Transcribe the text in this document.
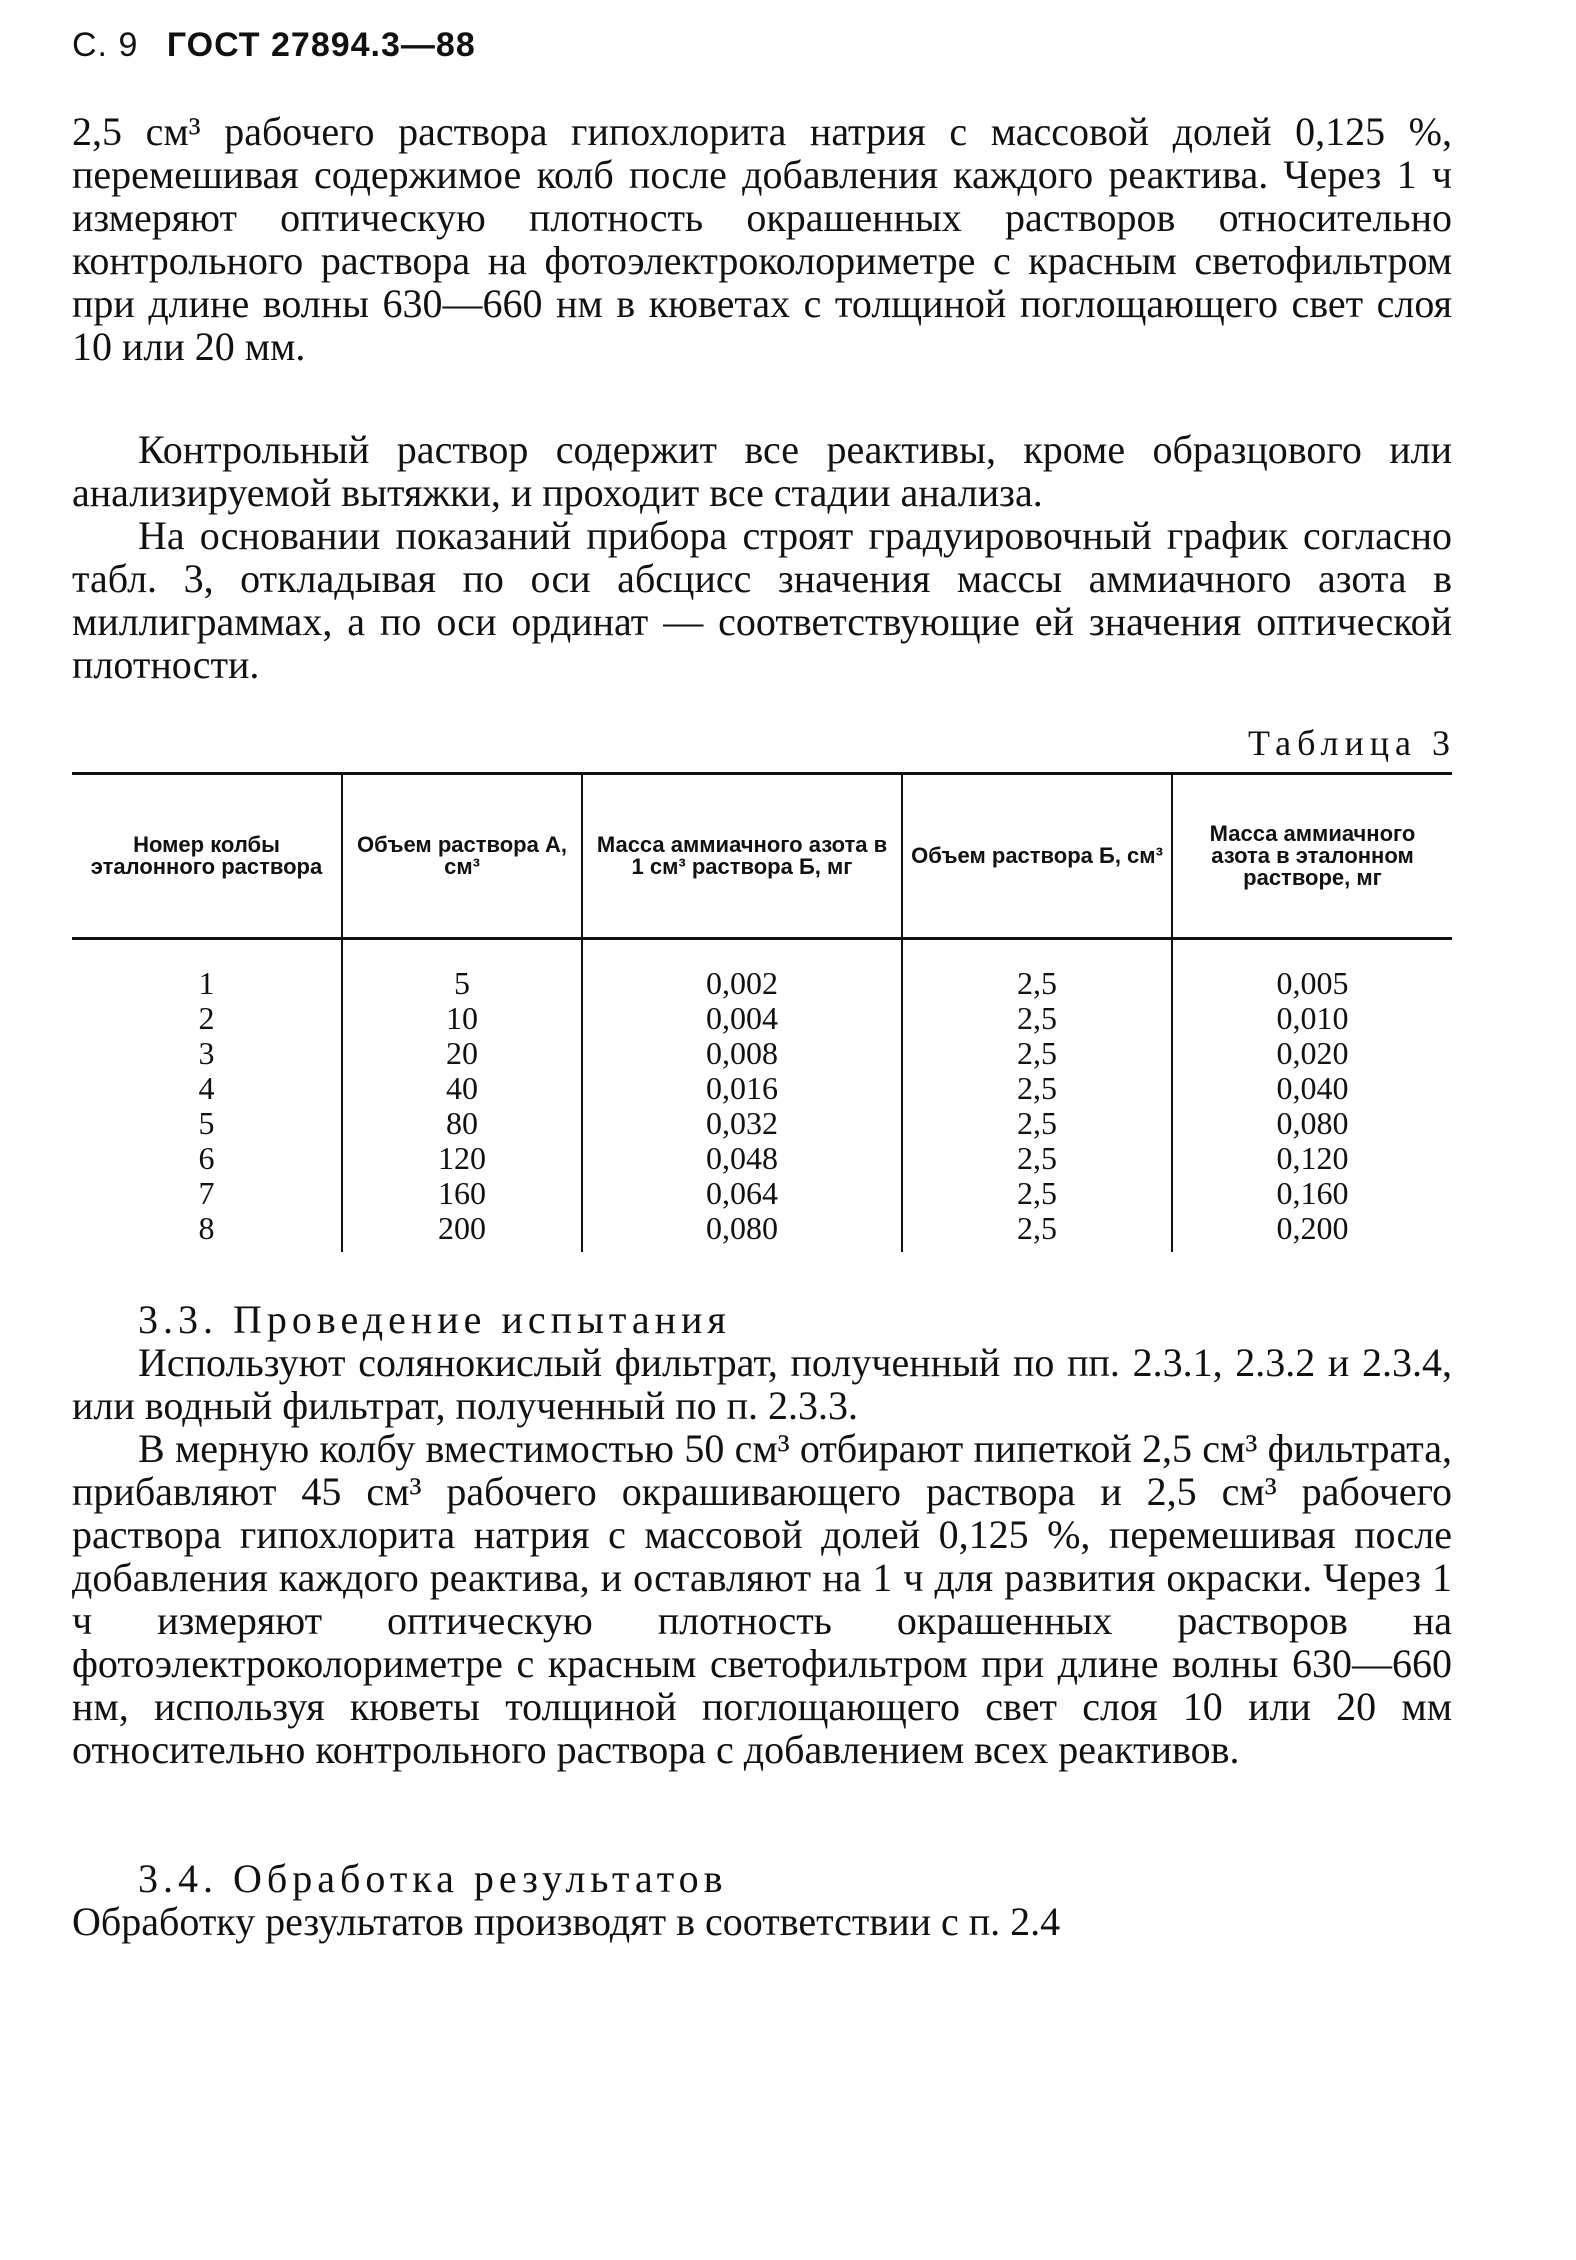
С. 9 ГОСТ 27894.3—88

2,5 см³ рабочего раствора гипохлорита натрия с массовой долей 0,125 %, перемешивая содержимое колб после добавления каждого реактива. Через 1 ч измеряют оптическую плотность окрашенных растворов относительно контрольного раствора на фотоэлектроколориметре с красным светофильтром при длине волны 630—660 нм в кюветах с толщиной поглощающего свет слоя 10 или 20 мм.

Контрольный раствор содержит все реактивы, кроме образцового или анализируемой вытяжки, и проходит все стадии анализа.

На основании показаний прибора строят градуировочный график согласно табл. 3, откладывая по оси абсцисс значения массы аммиачного азота в миллиграммах, а по оси ординат — соответствующие ей значения оптической плотности.

Таблица 3
Номер колбы эталонного раствора	Объем раствора А, см³	Масса аммиачного азота в 1 см³ раствора Б, мг	Объем раствора Б, см³	Масса аммиачного азота в эталонном растворе, мг

1	5	0,002	2,5	0,005
2	10	0,004	2,5	0,010
3	20	0,008	2,5	0,020
4	40	0,016	2,5	0,040
5	80	0,032	2,5	0,080
6	120	0,048	2,5	0,120
7	160	0,064	2,5	0,160
8	200	0,080	2,5	0,200
3.3. Проведение испытания

Используют солянокислый фильтрат, полученный по пп. 2.3.1, 2.3.2 и 2.3.4, или водный фильтрат, полученный по п. 2.3.3.

В мерную колбу вместимостью 50 см³ отбирают пипеткой 2,5 см³ фильтрата, прибавляют 45 см³ рабочего окрашивающего раствора и 2,5 см³ рабочего раствора гипохлорита натрия с массовой долей 0,125 %, перемешивая после добавления каждого реактива, и оставляют на 1 ч для развития окраски. Через 1 ч измеряют оптическую плотность окрашенных растворов на фотоэлектроколориметре с красным светофильтром при длине волны 630—660 нм, используя кюветы толщиной поглощающего свет слоя 10 или 20 мм относительно контрольного раствора с добавлением всех реактивов.

3.4. Обработка результатов

Обработку результатов производят в соответствии с п. 2.4
